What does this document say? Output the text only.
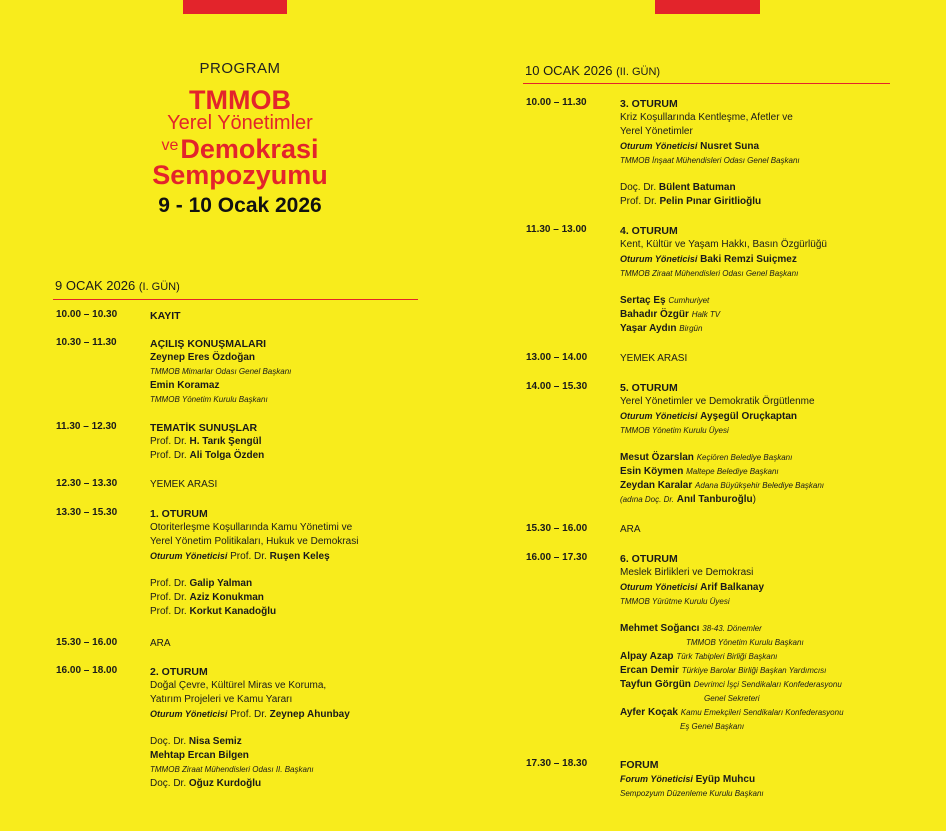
PROGRAM
TMMOB
Yerel Yönetimler
$^{ve}$Demokrasi
Sempozyumu
9 - 10 Ocak 2026
9 OCAK 2026 (I. GÜN)
10.00 – 10.30	KAYIT
10.30 – 11.30	AÇILIŞ KONUŞMALARI
Zeynep Eres Özdoğan
TMMOB Mimarlar Odası Genel Başkanı
Emin Koramaz
TMMOB Yönetim Kurulu Başkanı
11.30 – 12.30	TEMATİK SUNUŞLAR
Prof. Dr. H. Tarık Şengül
Prof. Dr. Ali Tolga Özden
12.30 – 13.30	YEMEK ARASI
13.30 – 15.30	1. OTURUM
Otoriterleşme Koşullarında Kamu Yönetimi ve
Yerel Yönetim Politikaları, Hukuk ve Demokrasi
Oturum Yöneticisi Prof. Dr. Ruşen Keleş
Prof. Dr. Galip Yalman
Prof. Dr. Aziz Konukman
Prof. Dr. Korkut Kanadoğlu
15.30 – 16.00	ARA
16.00 – 18.00	2. OTURUM
Doğal Çevre, Kültürel Miras ve Koruma,
Yatırım Projeleri ve Kamu Yararı
Oturum Yöneticisi Prof. Dr. Zeynep Ahunbay
Doç. Dr. Nisa Semiz
Mehtap Ercan Bilgen
TMMOB Ziraat Mühendisleri Odası II. Başkanı
Doç. Dr. Oğuz Kurdoğlu
10 OCAK 2026 (II. GÜN)
10.00 – 11.30	3. OTURUM
Kriz Koşullarında Kentleşme, Afetler ve
Yerel Yönetimler
Oturum Yöneticisi Nusret Suna
TMMOB İnşaat Mühendisleri Odası Genel Başkanı
Doç. Dr. Bülent Batuman
Prof. Dr. Pelin Pınar Giritlioğlu
11.30 – 13.00	4. OTURUM
Kent, Kültür ve Yaşam Hakkı, Basın Özgürlüğü
Oturum Yöneticisi Baki Remzi Suiçmez
TMMOB Ziraat Mühendisleri Odası Genel Başkanı
Sertaç Eş Cumhuriyet
Bahadır Özgür Halk TV
Yaşar Aydın Birgün
13.00 – 14.00	YEMEK ARASI
14.00 – 15.30	5. OTURUM
Yerel Yönetimler ve Demokratik Örgütlenme
Oturum Yöneticisi Ayşegül Oruçkaptan
TMMOB Yönetim Kurulu Üyesi
Mesut Özarslan Keçiören Belediye Başkanı
Esin Köymen Maltepe Belediye Başkanı
Zeydan Karalar Adana Büyükşehir Belediye Başkanı
(adına Doç. Dr. Anıl Tanburoğlu)
15.30 – 16.00	ARA
16.00 – 17.30	6. OTURUM
Meslek Birlikleri ve Demokrasi
Oturum Yöneticisi Arif Balkanay
TMMOB Yürütme Kurulu Üyesi
Mehmet Soğancı 38-43. Dönemler
TMMOB Yönetim Kurulu Başkanı
Alpay Azap Türk Tabipleri Birliği Başkanı
Ercan Demir Türkiye Barolar Birliği Başkan Yardımcısı
Tayfun Görgün Devrimci İşçi Sendikaları Konfederasyonu
Genel Sekreteri
Ayfer Koçak Kamu Emekçileri Sendikaları Konfederasyonu
Eş Genel Başkanı
17.30 – 18.30	FORUM
Forum Yöneticisi Eyüp Muhcu
Sempozyum Düzenleme Kurulu Başkanı
